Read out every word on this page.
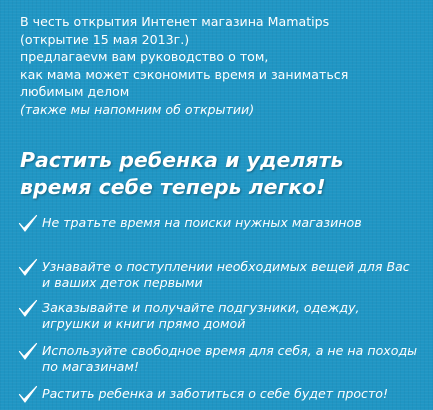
В честь открытия Интенет магазина Mamatips
(открытие 15 мая 2013г.)
предлагаеvм вам руководство о том,
как мама может сэкономить время и заниматься
любимым делом
(также мы напомним об открытии)
Растить ребенка и уделять
время себе теперь легко!
Не тратьте время на поиски нужных магазинов
Узнавайте о поступлении необходимых вещей для Вас
и ваших деток первыми
Заказывайте и получайте подгузники, одежду,
игрушки и книги прямо домой
Используйте свободное время для себя, а не на походы
по магазинам!
Растить ребенка и заботиться о себе будет просто!
